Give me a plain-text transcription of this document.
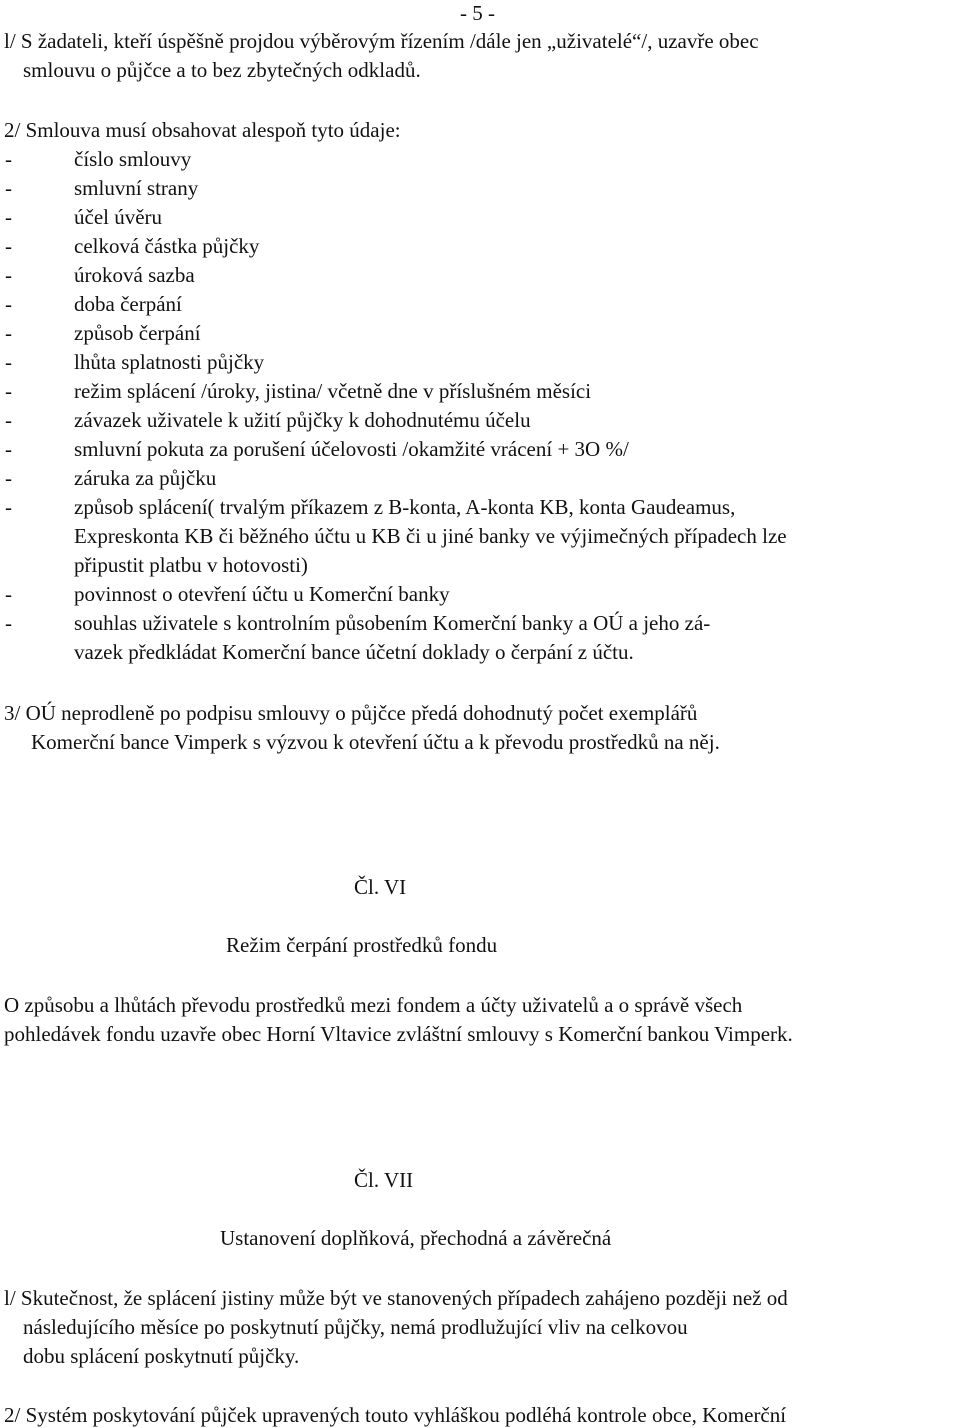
- 5 -
l/ S žadateli, kteří úspěšně projdou výběrovým řízením /dále jen „uživatelé“/, uzavře obec
smlouvu o půjčce a to bez zbytečných odkladů.
2/ Smlouva musí obsahovat alespoň tyto údaje:
-	číslo smlouvy
-	smluvní strany
-	účel úvěru
-	celková částka půjčky
-	úroková sazba
-	doba čerpání
-	způsob čerpání
-	lhůta splatnosti půjčky
-	režim splácení /úroky, jistina/ včetně dne v příslušném měsíci
-	závazek uživatele k užití půjčky k dohodnutému účelu
-	smluvní pokuta za porušení účelovosti /okamžité vrácení + 3O %/
-	záruka za půjčku
-	způsob splácení( trvalým příkazem z B-konta, A-konta KB, konta Gaudeamus,
Expreskonta KB či běžného účtu u KB či u jiné banky ve výjimečných případech lze
připustit platbu v hotovosti)
-	povinnost o otevření účtu u Komerční banky
-	souhlas uživatele s kontrolním působením Komerční banky a OÚ a jeho zá-
vazek předkládat Komerční bance účetní doklady o čerpání z účtu.
3/ OÚ neprodleně po podpisu smlouvy o půjčce předá dohodnutý počet exemplářů
Komerční bance Vimperk s výzvou k otevření účtu a k převodu prostředků na něj.
Čl. VI
Režim čerpání prostředků fondu
O způsobu a lhůtách převodu prostředků mezi fondem a účty uživatelů a o správě všech
pohledávek fondu uzavře obec Horní Vltavice zvláštní smlouvy s Komerční bankou Vimperk.
Čl. VII
Ustanovení doplňková, přechodná a závěrečná
l/ Skutečnost, že splácení jistiny může být ve stanovených případech zahájeno později než od
následujícího měsíce po poskytnutí půjčky, nemá prodlužující vliv na celkovou
dobu splácení poskytnutí půjčky.
2/ Systém poskytování půjček upravených touto vyhláškou podléhá kontrole obce, Komerční
